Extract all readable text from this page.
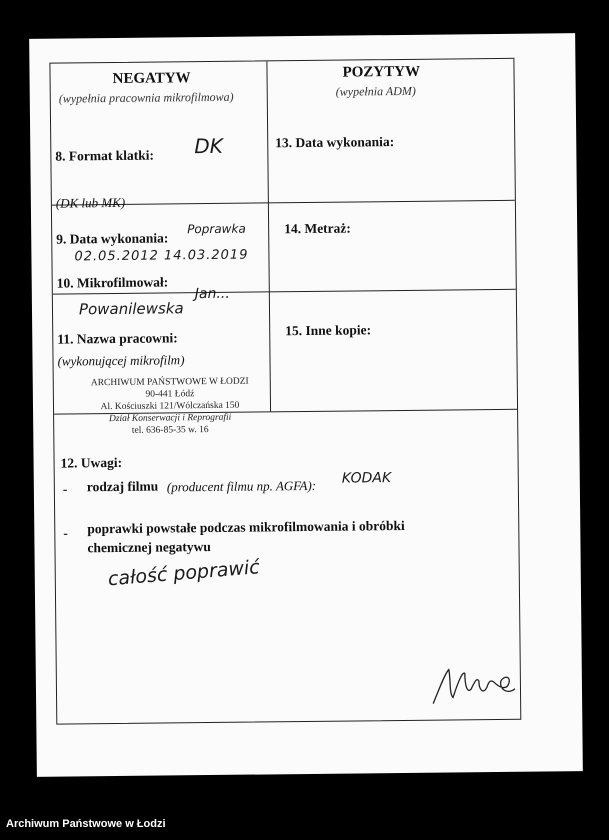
NEGATYW
(wypełnia pracownia mikrofilmowa)
POZYTYW
(wypełnia ADM)
8. Format klatki: DK
(DK lub MK)
13. Data wykonania:
9. Data wykonania:
Poprawka
02.05.2012 14.03.2019
14. Metraż:
10. Mikrofilmował:
Powanilewska
Jan...
11. Nazwa pracowni:
(wykonującej mikrofilm)
ARCHIWUM PAŃSTWOWE W ŁODZI
90-441 Łódź
Al. Kościuszki 121/Wólczańska 150
Dział Konserwacji i Reprografii
tel. 636-85-35 w. 16
15. Inne kopie:
12. Uwagi:
- rodzaj filmu (producent filmu np. AGFA): KODAK
- poprawki powstałe podczas mikrofilmowania i obróbki
chemicznej negatywu
całość poprawić
Archiwum Państwowe w Łodzi
